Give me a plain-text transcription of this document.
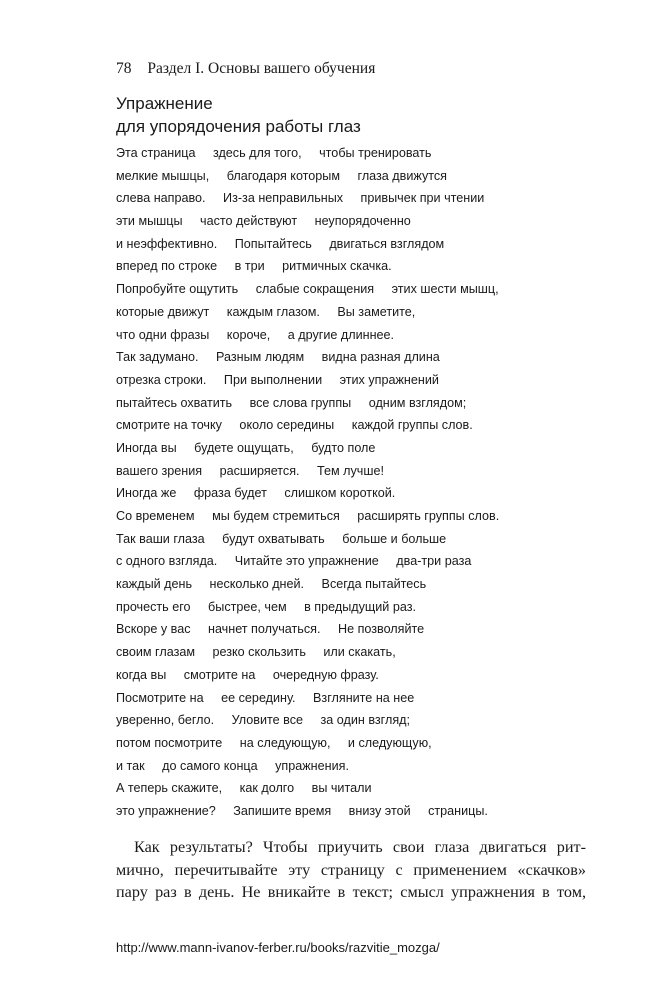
78 Раздел I. Основы вашего обучения
Упражнение
для упорядочения работы глаз
Эта страница     здесь для того,     чтобы тренировать
мелкие мышцы,     благодаря которым     глаза движутся
слева направо.     Из-за неправильных     привычек при чтении
эти мышцы     часто действуют     неупорядоченно
и неэффективно.     Попытайтесь     двигаться взглядом
вперед по строке     в три     ритмичных скачка.
Попробуйте ощутить     слабые сокращения     этих шести мышц,
которые движут     каждым глазом.     Вы заметите,
что одни фразы     короче,     а другие длиннее.
Так задумано.     Разным людям     видна разная длина
отрезка строки.     При выполнении     этих упражнений
пытайтесь охватить     все слова группы     одним взглядом;
смотрите на точку     около середины     каждой группы слов.
Иногда вы     будете ощущать,     будто поле
вашего зрения     расширяется.     Тем лучше!
Иногда же     фраза будет     слишком короткой.
Со временем     мы будем стремиться     расширять группы слов.
Так ваши глаза     будут охватывать     больше и больше
с одного взгляда.     Читайте это упражнение     два-три раза
каждый день     несколько дней.     Всегда пытайтесь
прочесть его     быстрее, чем     в предыдущий раз.
Вскоре у вас     начнет получаться.     Не позволяйте
своим глазам     резко скользить     или скакать,
когда вы     смотрите на     очередную фразу.
Посмотрите на     ее середину.     Взгляните на нее
уверенно, бегло.     Уловите все     за один взгляд;
потом посмотрите     на следующую,     и следующую,
и так     до самого конца     упражнения.
А теперь скажите,     как долго     вы читали
это упражнение?     Запишите время     внизу этой     страницы.
Как результаты? Чтобы приучить свои глаза двигаться рит-
мично, перечитывайте эту страницу с применением «скачков»
пару раз в день. Не вникайте в текст; смысл упражнения в том,
http://www.mann-ivanov-ferber.ru/books/razvitie_mozga/
